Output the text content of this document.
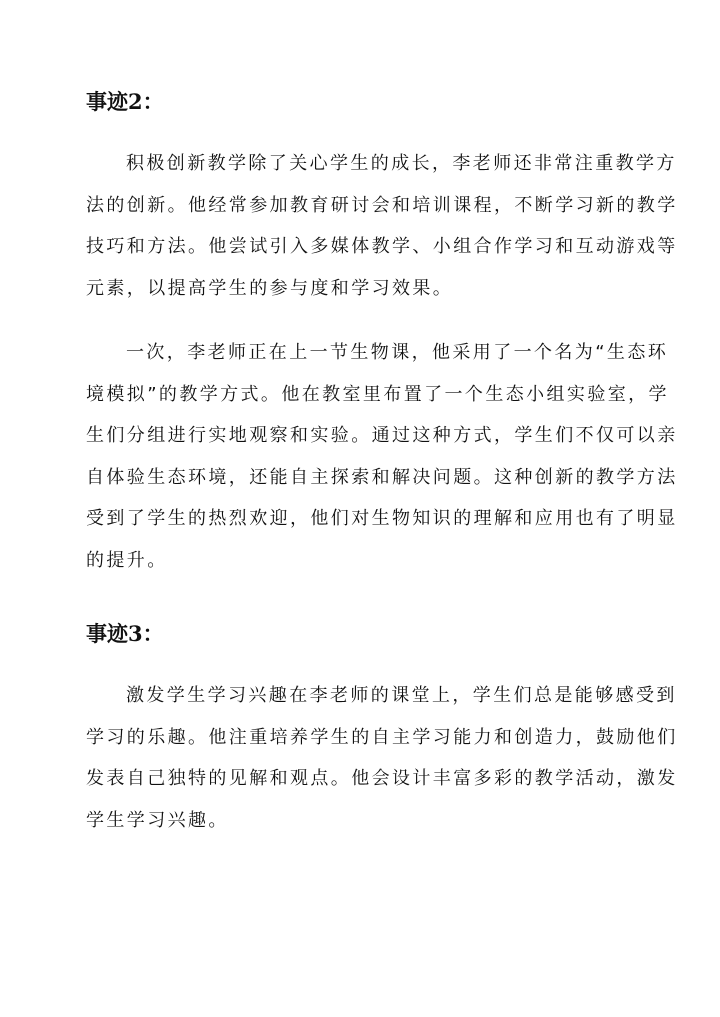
事迹2：
积极创新教学除了关心学生的成长，李老师还非常注重教学方
法的创新。他经常参加教育研讨会和培训课程，不断学习新的教学
技巧和方法。他尝试引入多媒体教学、小组合作学习和互动游戏等
元素，以提高学生的参与度和学习效果。
一次，李老师正在上一节生物课，他采用了一个名为“生态环
境模拟”的教学方式。他在教室里布置了一个生态小组实验室，学
生们分组进行实地观察和实验。通过这种方式，学生们不仅可以亲
自体验生态环境，还能自主探索和解决问题。这种创新的教学方法
受到了学生的热烈欢迎，他们对生物知识的理解和应用也有了明显
的提升。
事迹3：
激发学生学习兴趣在李老师的课堂上，学生们总是能够感受到
学习的乐趣。他注重培养学生的自主学习能力和创造力，鼓励他们
发表自己独特的见解和观点。他会设计丰富多彩的教学活动，激发
学生学习兴趣。
